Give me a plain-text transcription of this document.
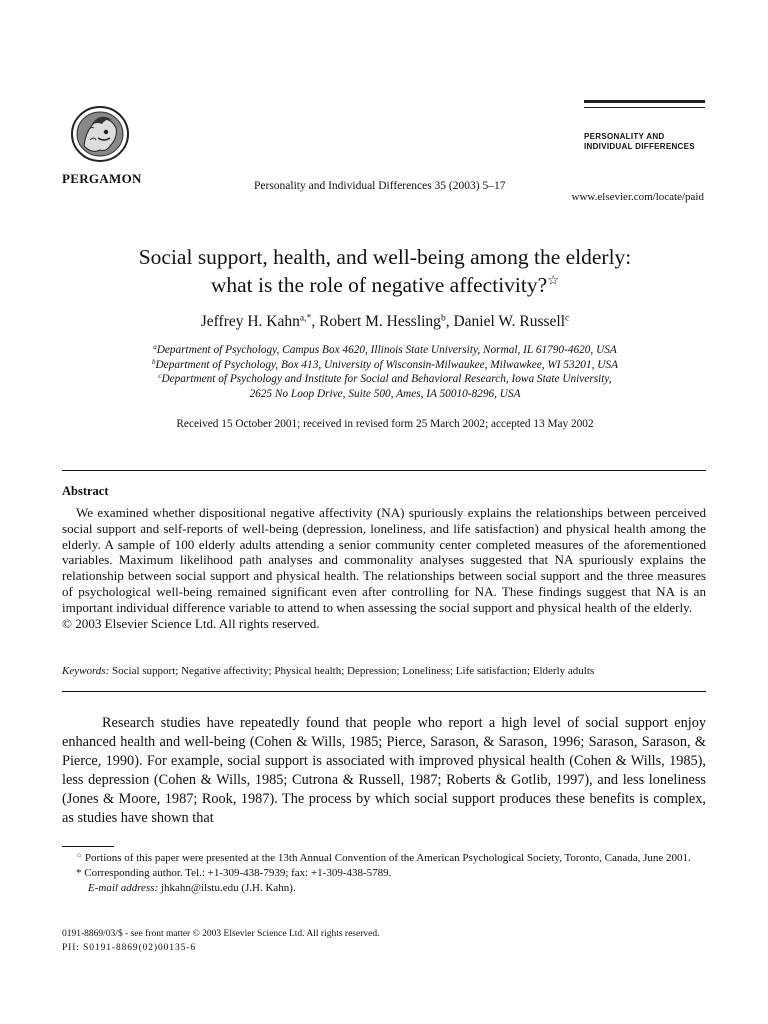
PERGAMON	Personality and Individual Differences 35 (2003) 5–17
PERSONALITY AND
INDIVIDUAL DIFFERENCES
www.elsevier.com/locate/paid
Social support, health, and well-being among the elderly:
what is the role of negative affectivity?☆
Jeffrey H. Kahn$^{a,*}$, Robert M. Hessling$^b$, Daniel W. Russell$^c$
$^a$Department of Psychology, Campus Box 4620, Illinois State University, Normal, IL 61790-4620, USA
$^b$Department of Psychology, Box 413, University of Wisconsin-Milwaukee, Milwawkee, WI 53201, USA
$^c$Department of Psychology and Institute for Social and Behavioral Research, Iowa State University,
2625 No Loop Drive, Suite 500, Ames, IA 50010-8296, USA
Received 15 October 2001; received in revised form 25 March 2002; accepted 13 May 2002
Abstract
We examined whether dispositional negative affectivity (NA) spuriously explains the relationships between perceived social support and self-reports of well-being (depression, loneliness, and life satisfaction) and physical health among the elderly. A sample of 100 elderly adults attending a senior community center completed measures of the aforementioned variables. Maximum likelihood path analyses and commonality analyses suggested that NA spuriously explains the relationship between social support and physical health. The relationships between social support and the three measures of psychological well-being remained significant even after controlling for NA. These findings suggest that NA is an important individual difference variable to attend to when assessing the social support and physical health of the elderly.
© 2003 Elsevier Science Ltd. All rights reserved.
Keywords: Social support; Negative affectivity; Physical health; Depression; Loneliness; Life satisfaction; Elderly adults
Research studies have repeatedly found that people who report a high level of social support enjoy enhanced health and well-being (Cohen & Wills, 1985; Pierce, Sarason, & Sarason, 1996; Sarason, Sarason, & Pierce, 1990). For example, social support is associated with improved physical health (Cohen & Wills, 1985), less depression (Cohen & Wills, 1985; Cutrona & Russell, 1987; Roberts & Gotlib, 1997), and less loneliness (Jones & Moore, 1987; Rook, 1987). The process by which social support produces these benefits is complex, as studies have shown that

☆ Portions of this paper were presented at the 13th Annual Convention of the American Psychological Society, Toronto, Canada, June 2001.

* Corresponding author. Tel.: +1-309-438-7939; fax: +1-309-438-5789.

E-mail address: jhkahn@ilstu.edu (J.H. Kahn).

0191-8869/03/$ - see front matter © 2003 Elsevier Science Ltd. All rights reserved.
PII: S0191-8869(02)00135-6
